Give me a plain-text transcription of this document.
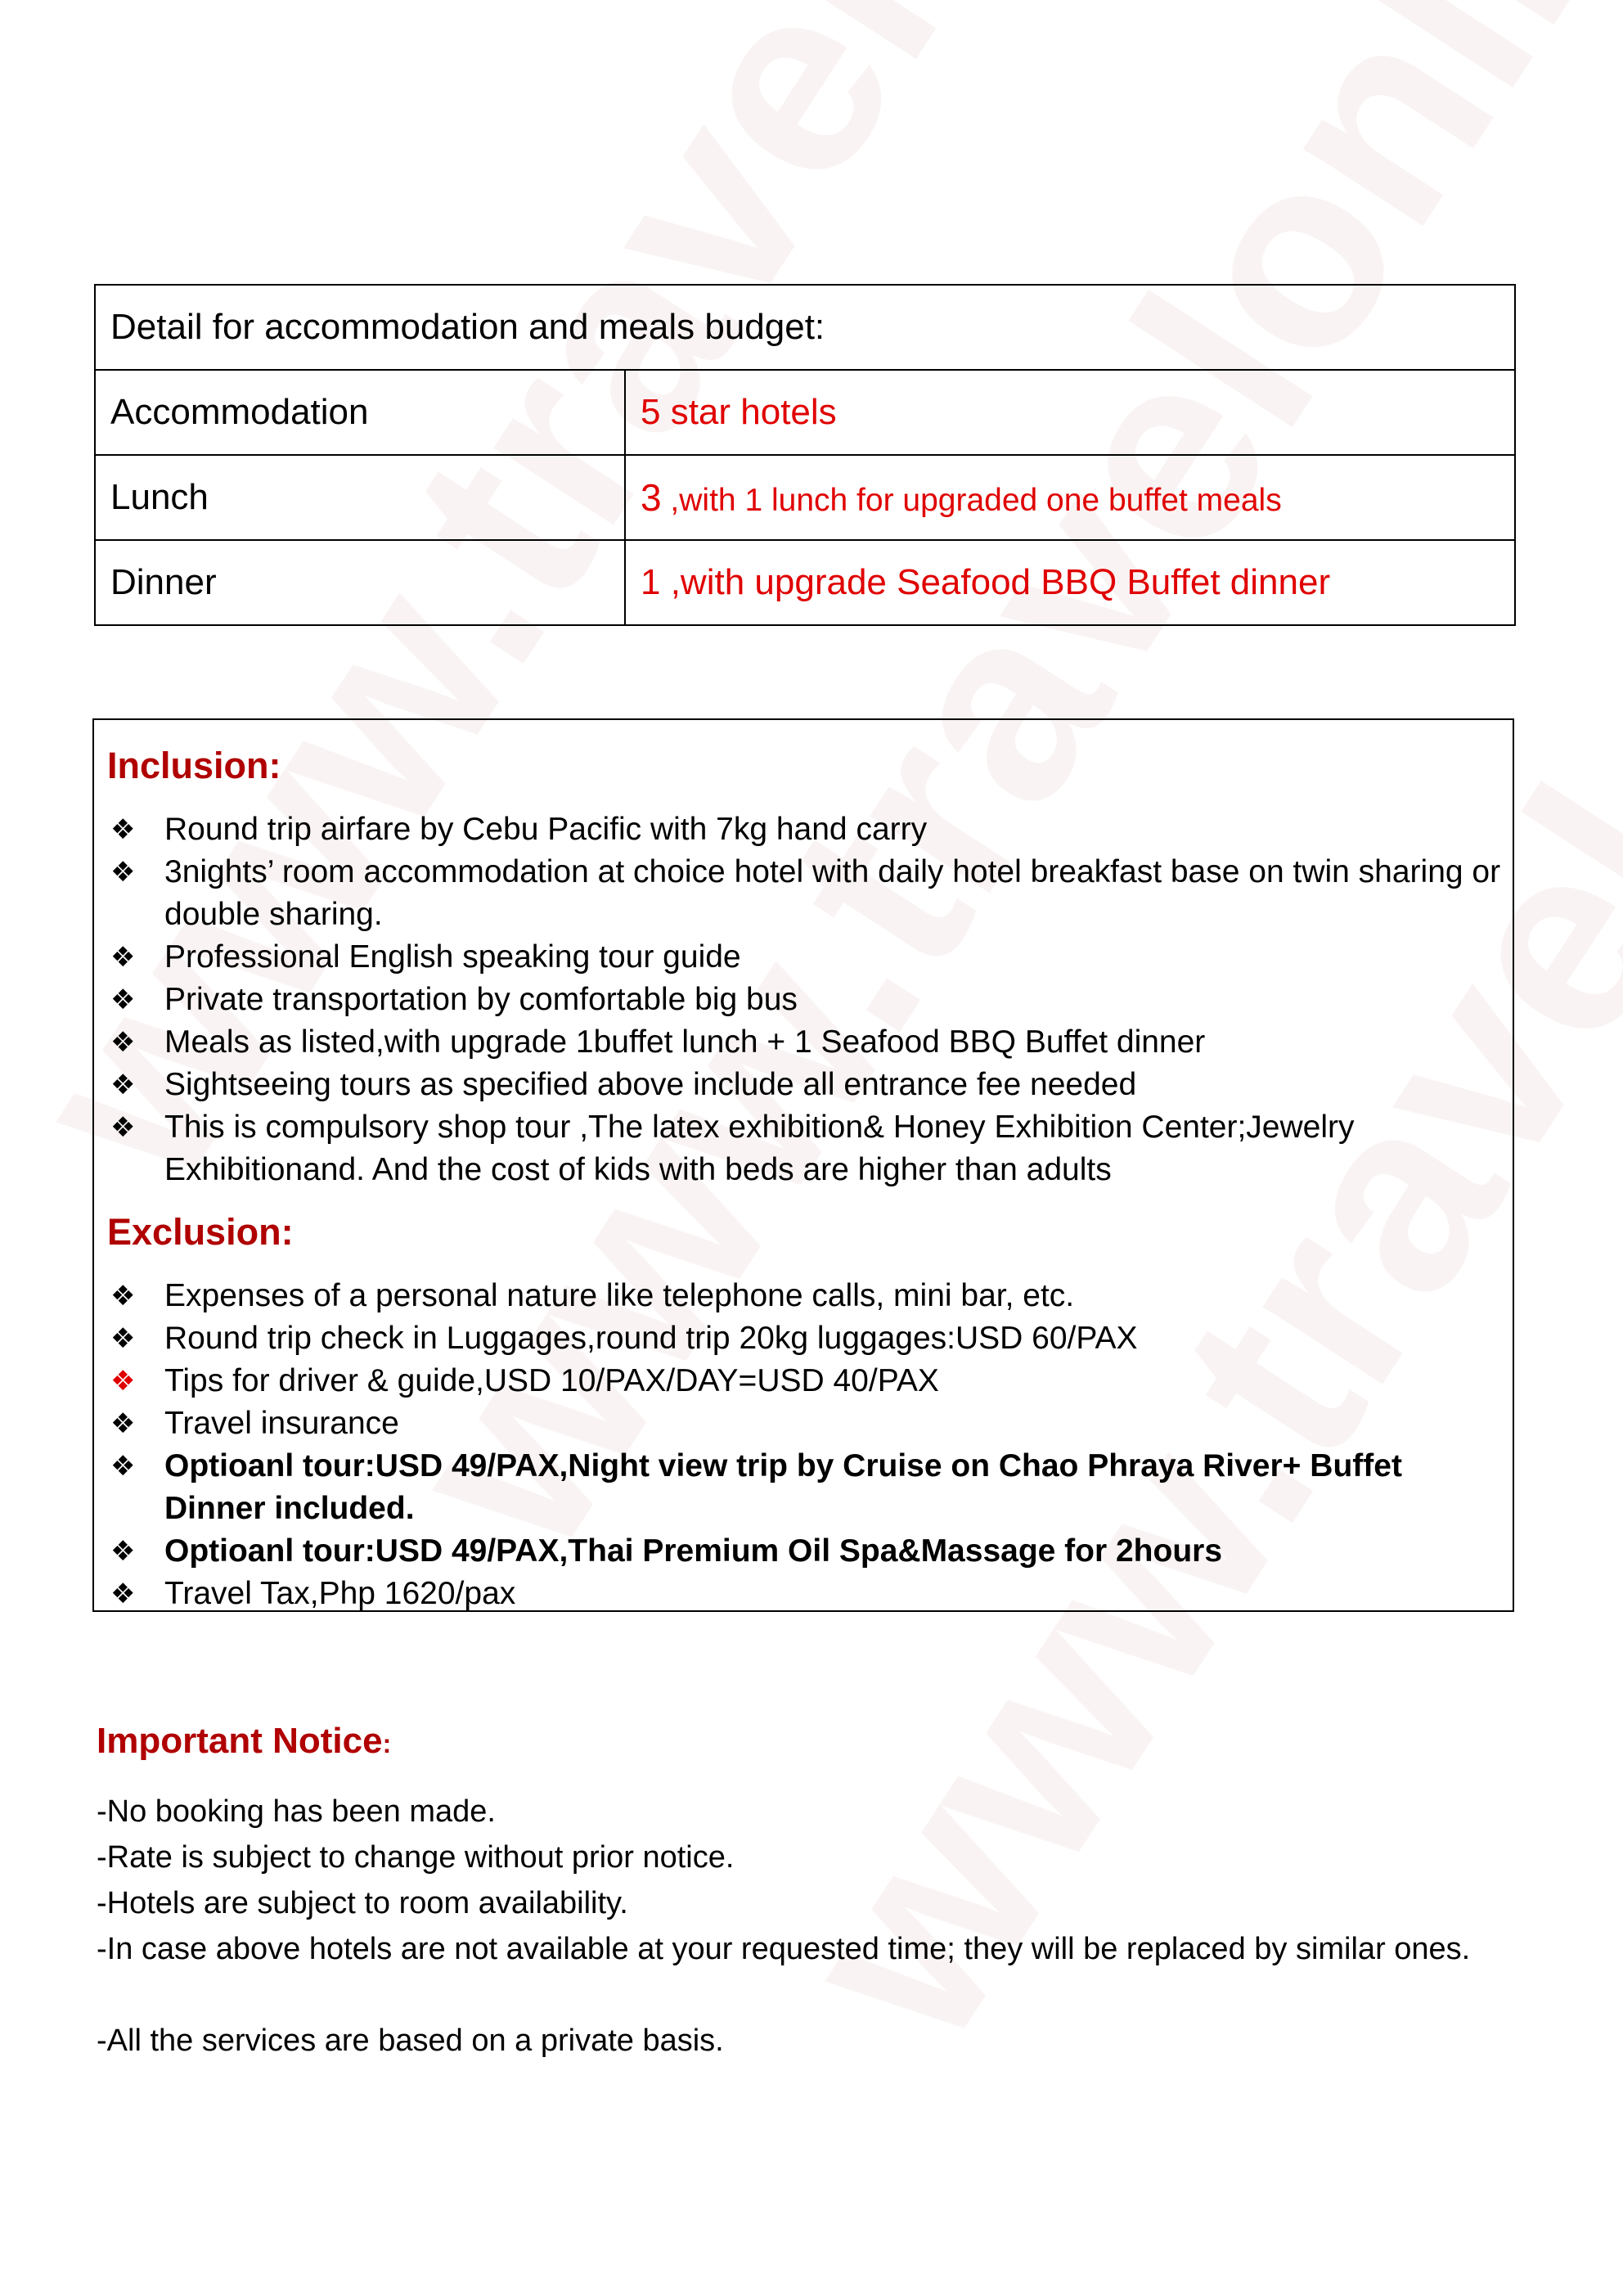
Detail for accommodation and meals budget:	
Accommodation	5 star hotels
Lunch	3 ,with 1 lunch for upgraded one buffet meals
Dinner	1 ,with upgrade Seafood BBQ Buffet dinner
Inclusion:
❖ Round trip airfare by Cebu Pacific with 7kg hand carry
❖ 3nights’ room accommodation at choice hotel with daily hotel breakfast base on twin sharing or double sharing.
❖ Professional English speaking tour guide
❖ Private transportation by comfortable big bus
❖ Meals as listed,with upgrade 1buffet lunch + 1 Seafood BBQ Buffet dinner
❖ Sightseeing tours as specified above include all entrance fee needed
❖ This is compulsory shop tour ,The latex exhibition& Honey Exhibition Center;Jewelry Exhibitionand. And the cost of kids with beds are higher than adults
Exclusion:
❖ Expenses of a personal nature like telephone calls, mini bar, etc.
❖ Round trip check in Luggages,round trip 20kg luggages:USD 60/PAX
❖ Tips for driver & guide,USD 10/PAX/DAY=USD 40/PAX
❖ Travel insurance
❖ Optioanl tour:USD 49/PAX,Night view trip by Cruise on Chao Phraya River+ Buffet Dinner included.
❖ Optioanl tour:USD 49/PAX,Thai Premium Oil Spa&Massage for 2hours
❖ Travel Tax,Php 1620/pax
Important Notice:
-No booking has been made.
-Rate is subject to change without prior notice.
-Hotels are subject to room availability.
-In case above hotels are not available at your requested time; they will be replaced by similar ones.
-All the services are based on a private basis.
